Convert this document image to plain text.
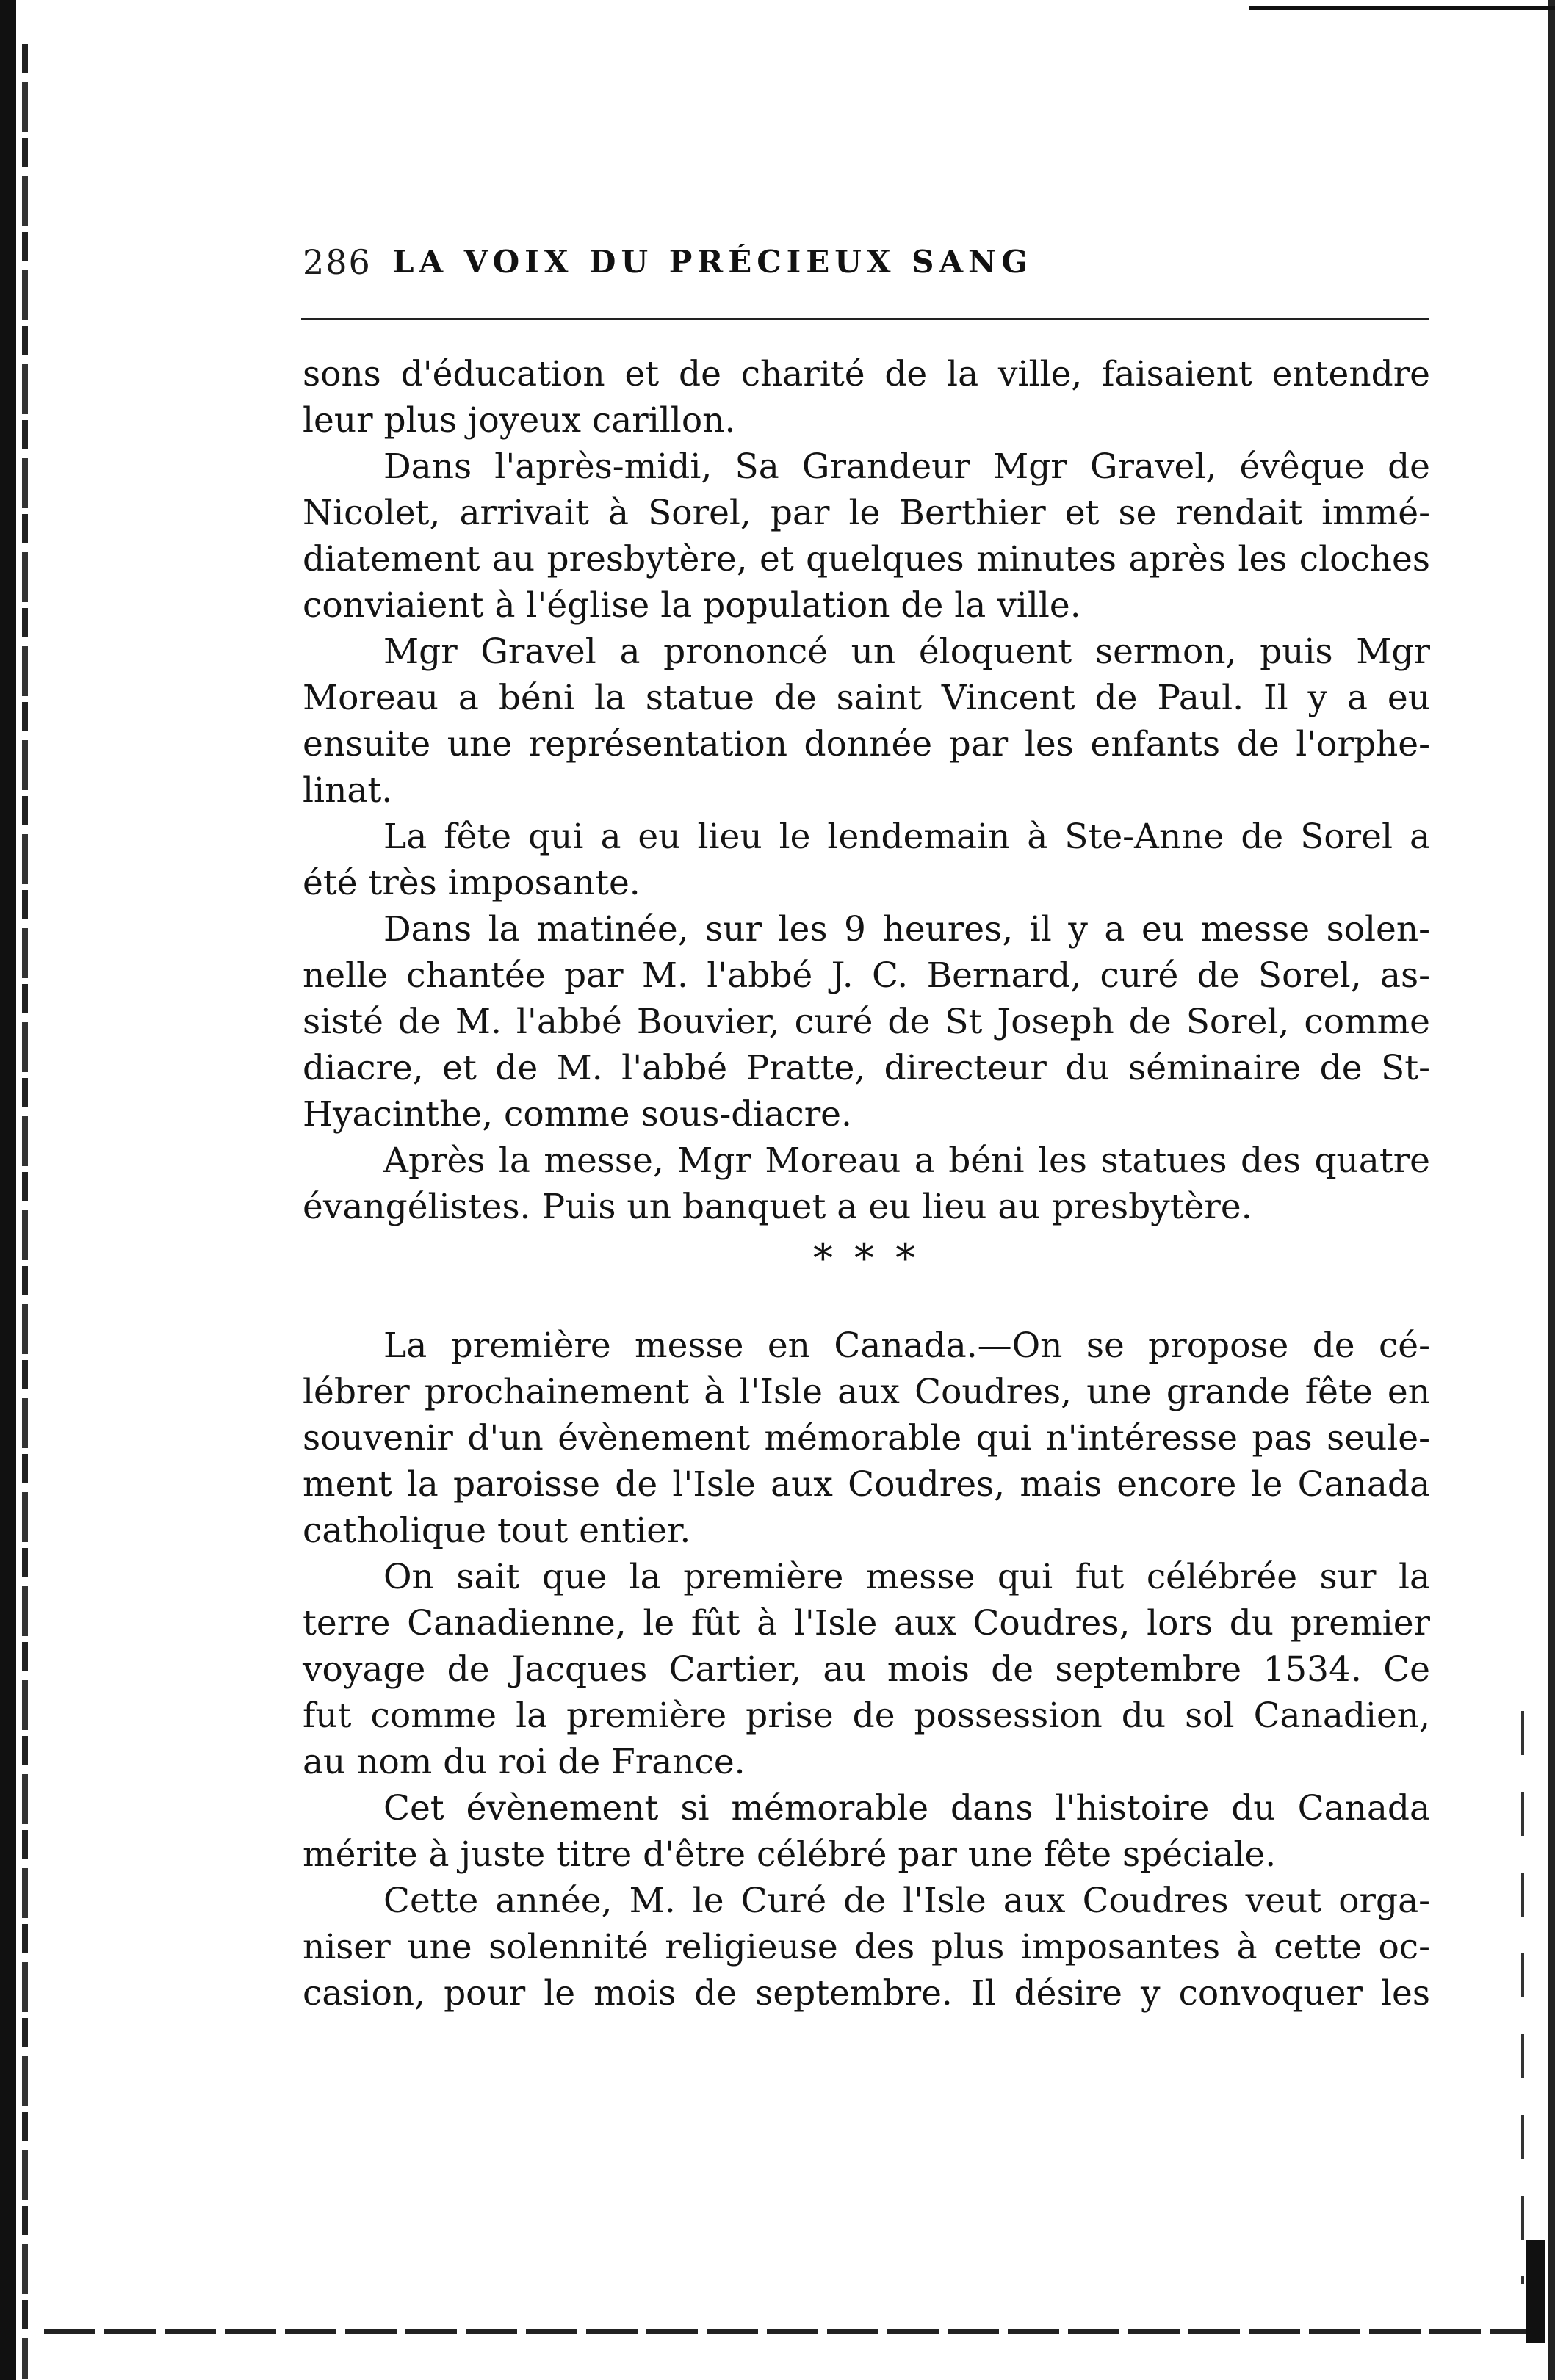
286 LA VOIX DU PRÉCIEUX SANG
sons d'éducation et de charité de la ville, faisaient entendre
leur plus joyeux carillon.
Dans l'après-midi, Sa Grandeur Mgr Gravel, évêque de
Nicolet, arrivait à Sorel, par le Berthier et se rendait immé-
diatement au presbytère, et quelques minutes après les cloches
conviaient à l'église la population de la ville.
Mgr Gravel a prononcé un éloquent sermon, puis Mgr
Moreau a béni la statue de saint Vincent de Paul. Il y a eu
ensuite une représentation donnée par les enfants de l'orphe-
linat.
La fête qui a eu lieu le lendemain à Ste-Anne de Sorel a
été très imposante.
Dans la matinée, sur les 9 heures, il y a eu messe solen-
nelle chantée par M. l'abbé J. C. Bernard, curé de Sorel, as-
sisté de M. l'abbé Bouvier, curé de St Joseph de Sorel, comme
diacre, et de M. l'abbé Pratte, directeur du séminaire de St-
Hyacinthe, comme sous-diacre.
Après la messe, Mgr Moreau a béni les statues des quatre
évangélistes. Puis un banquet a eu lieu au presbytère.
* * *
La première messe en Canada.—On se propose de cé-
lébrer prochainement à l'Isle aux Coudres, une grande fête en
souvenir d'un évènement mémorable qui n'intéresse pas seule-
ment la paroisse de l'Isle aux Coudres, mais encore le Canada
catholique tout entier.
On sait que la première messe qui fut célébrée sur la
terre Canadienne, le fût à l'Isle aux Coudres, lors du premier
voyage de Jacques Cartier, au mois de septembre 1534. Ce
fut comme la première prise de possession du sol Canadien,
au nom du roi de France.
Cet évènement si mémorable dans l'histoire du Canada
mérite à juste titre d'être célébré par une fête spéciale.
Cette année, M. le Curé de l'Isle aux Coudres veut orga-
niser une solennité religieuse des plus imposantes à cette oc-
casion, pour le mois de septembre. Il désire y convoquer les
